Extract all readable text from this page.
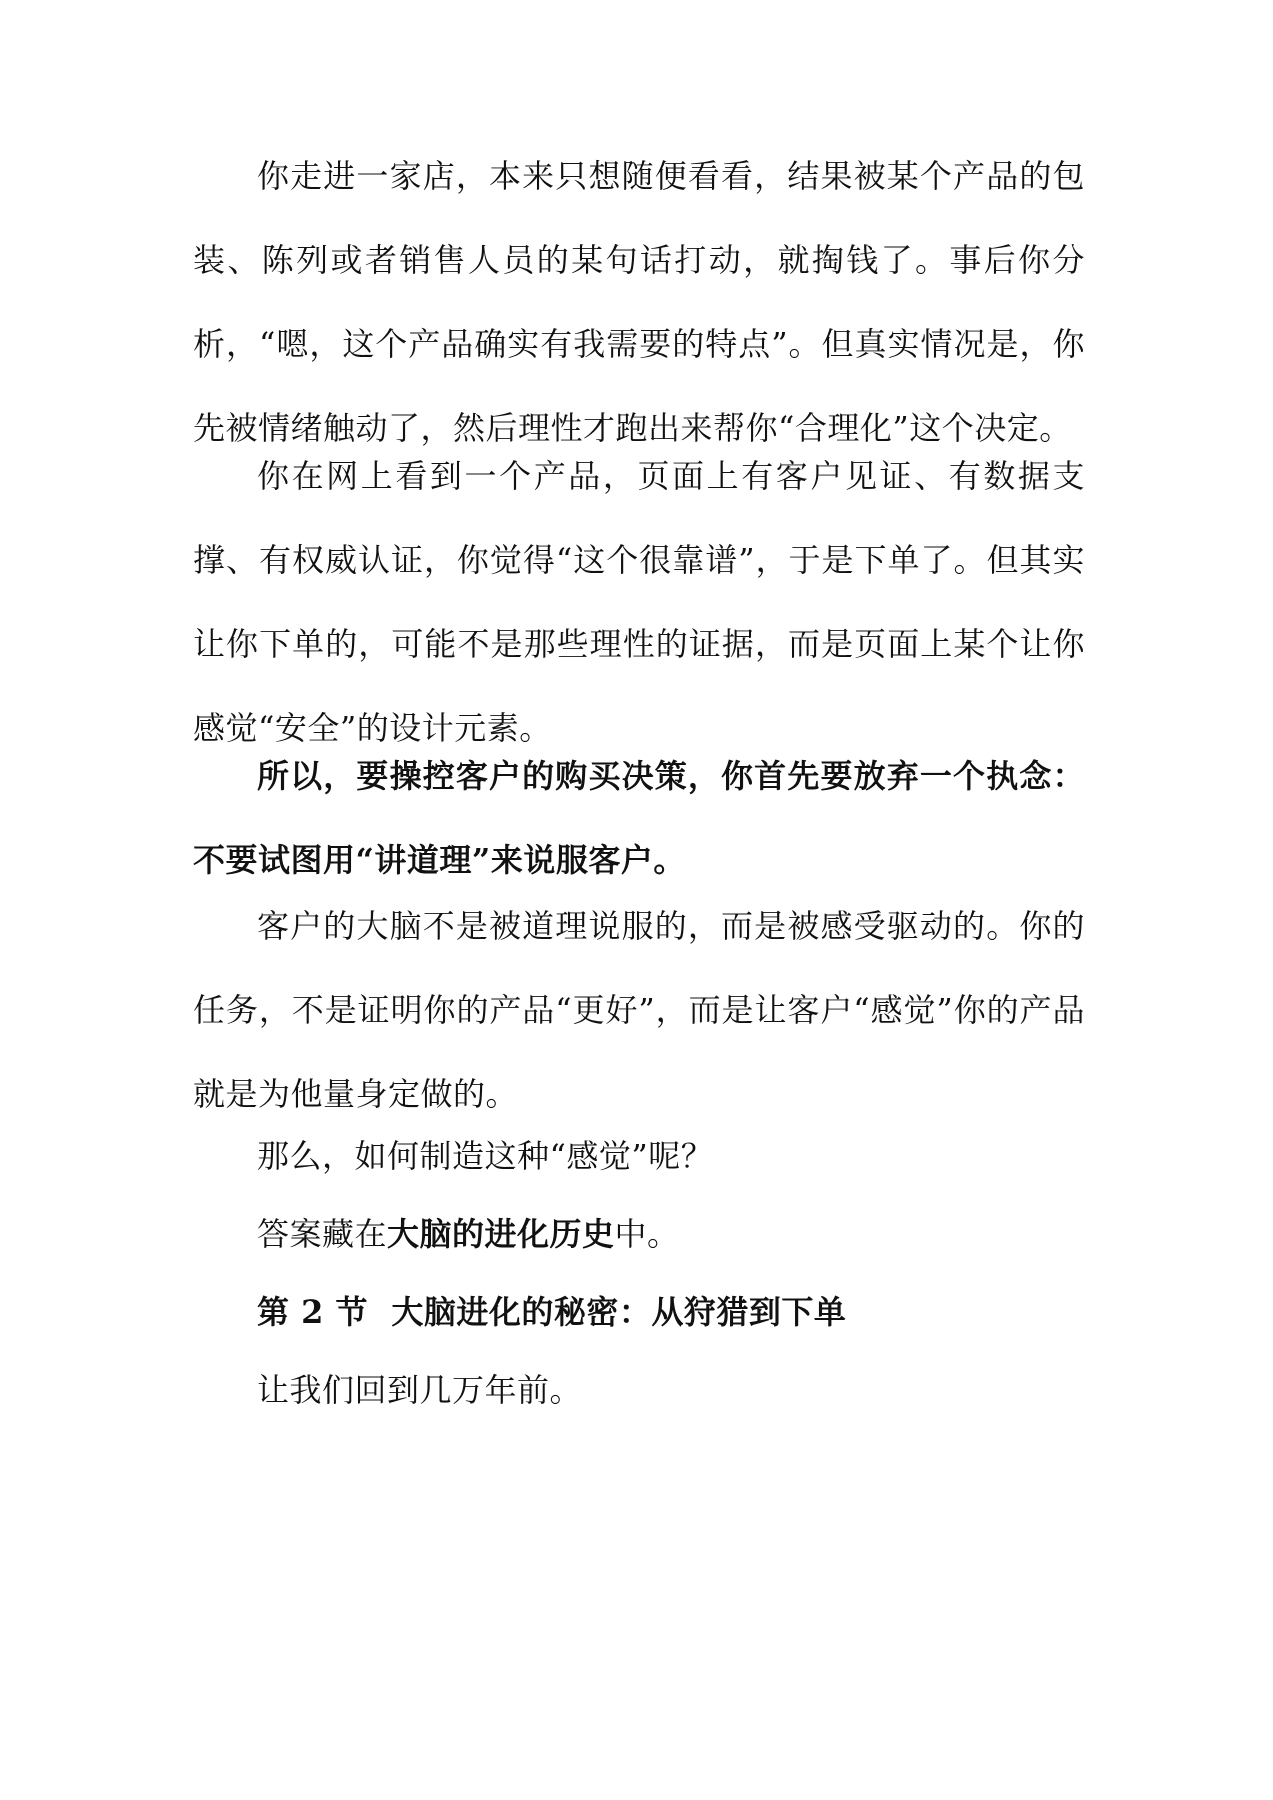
你走进一家店，本来只想随便看看，结果被某个产品的包装、陈列或者销售人员的某句话打动，就掏钱了。事后你分析，“嗯，这个产品确实有我需要的特点”。但真实情况是，你先被情绪触动了，然后理性才跑出来帮你“合理化”这个决定。

你在网上看到一个产品，页面上有客户见证、有数据支撑、有权威认证，你觉得“这个很靠谱”，于是下单了。但其实让你下单的，可能不是那些理性的证据，而是页面上某个让你感觉“安全”的设计元素。

所以，要操控客户的购买决策，你首先要放弃一个执念：不要试图用“讲道理”来说服客户。

客户的大脑不是被道理说服的，而是被感受驱动的。你的任务，不是证明你的产品“更好”，而是让客户“感觉”你的产品就是为他量身定做的。

那么，如何制造这种“感觉”呢？

答案藏在大脑的进化历史中。

第 2 节  大脑进化的秘密：从狩猎到下单

让我们回到几万年前。
